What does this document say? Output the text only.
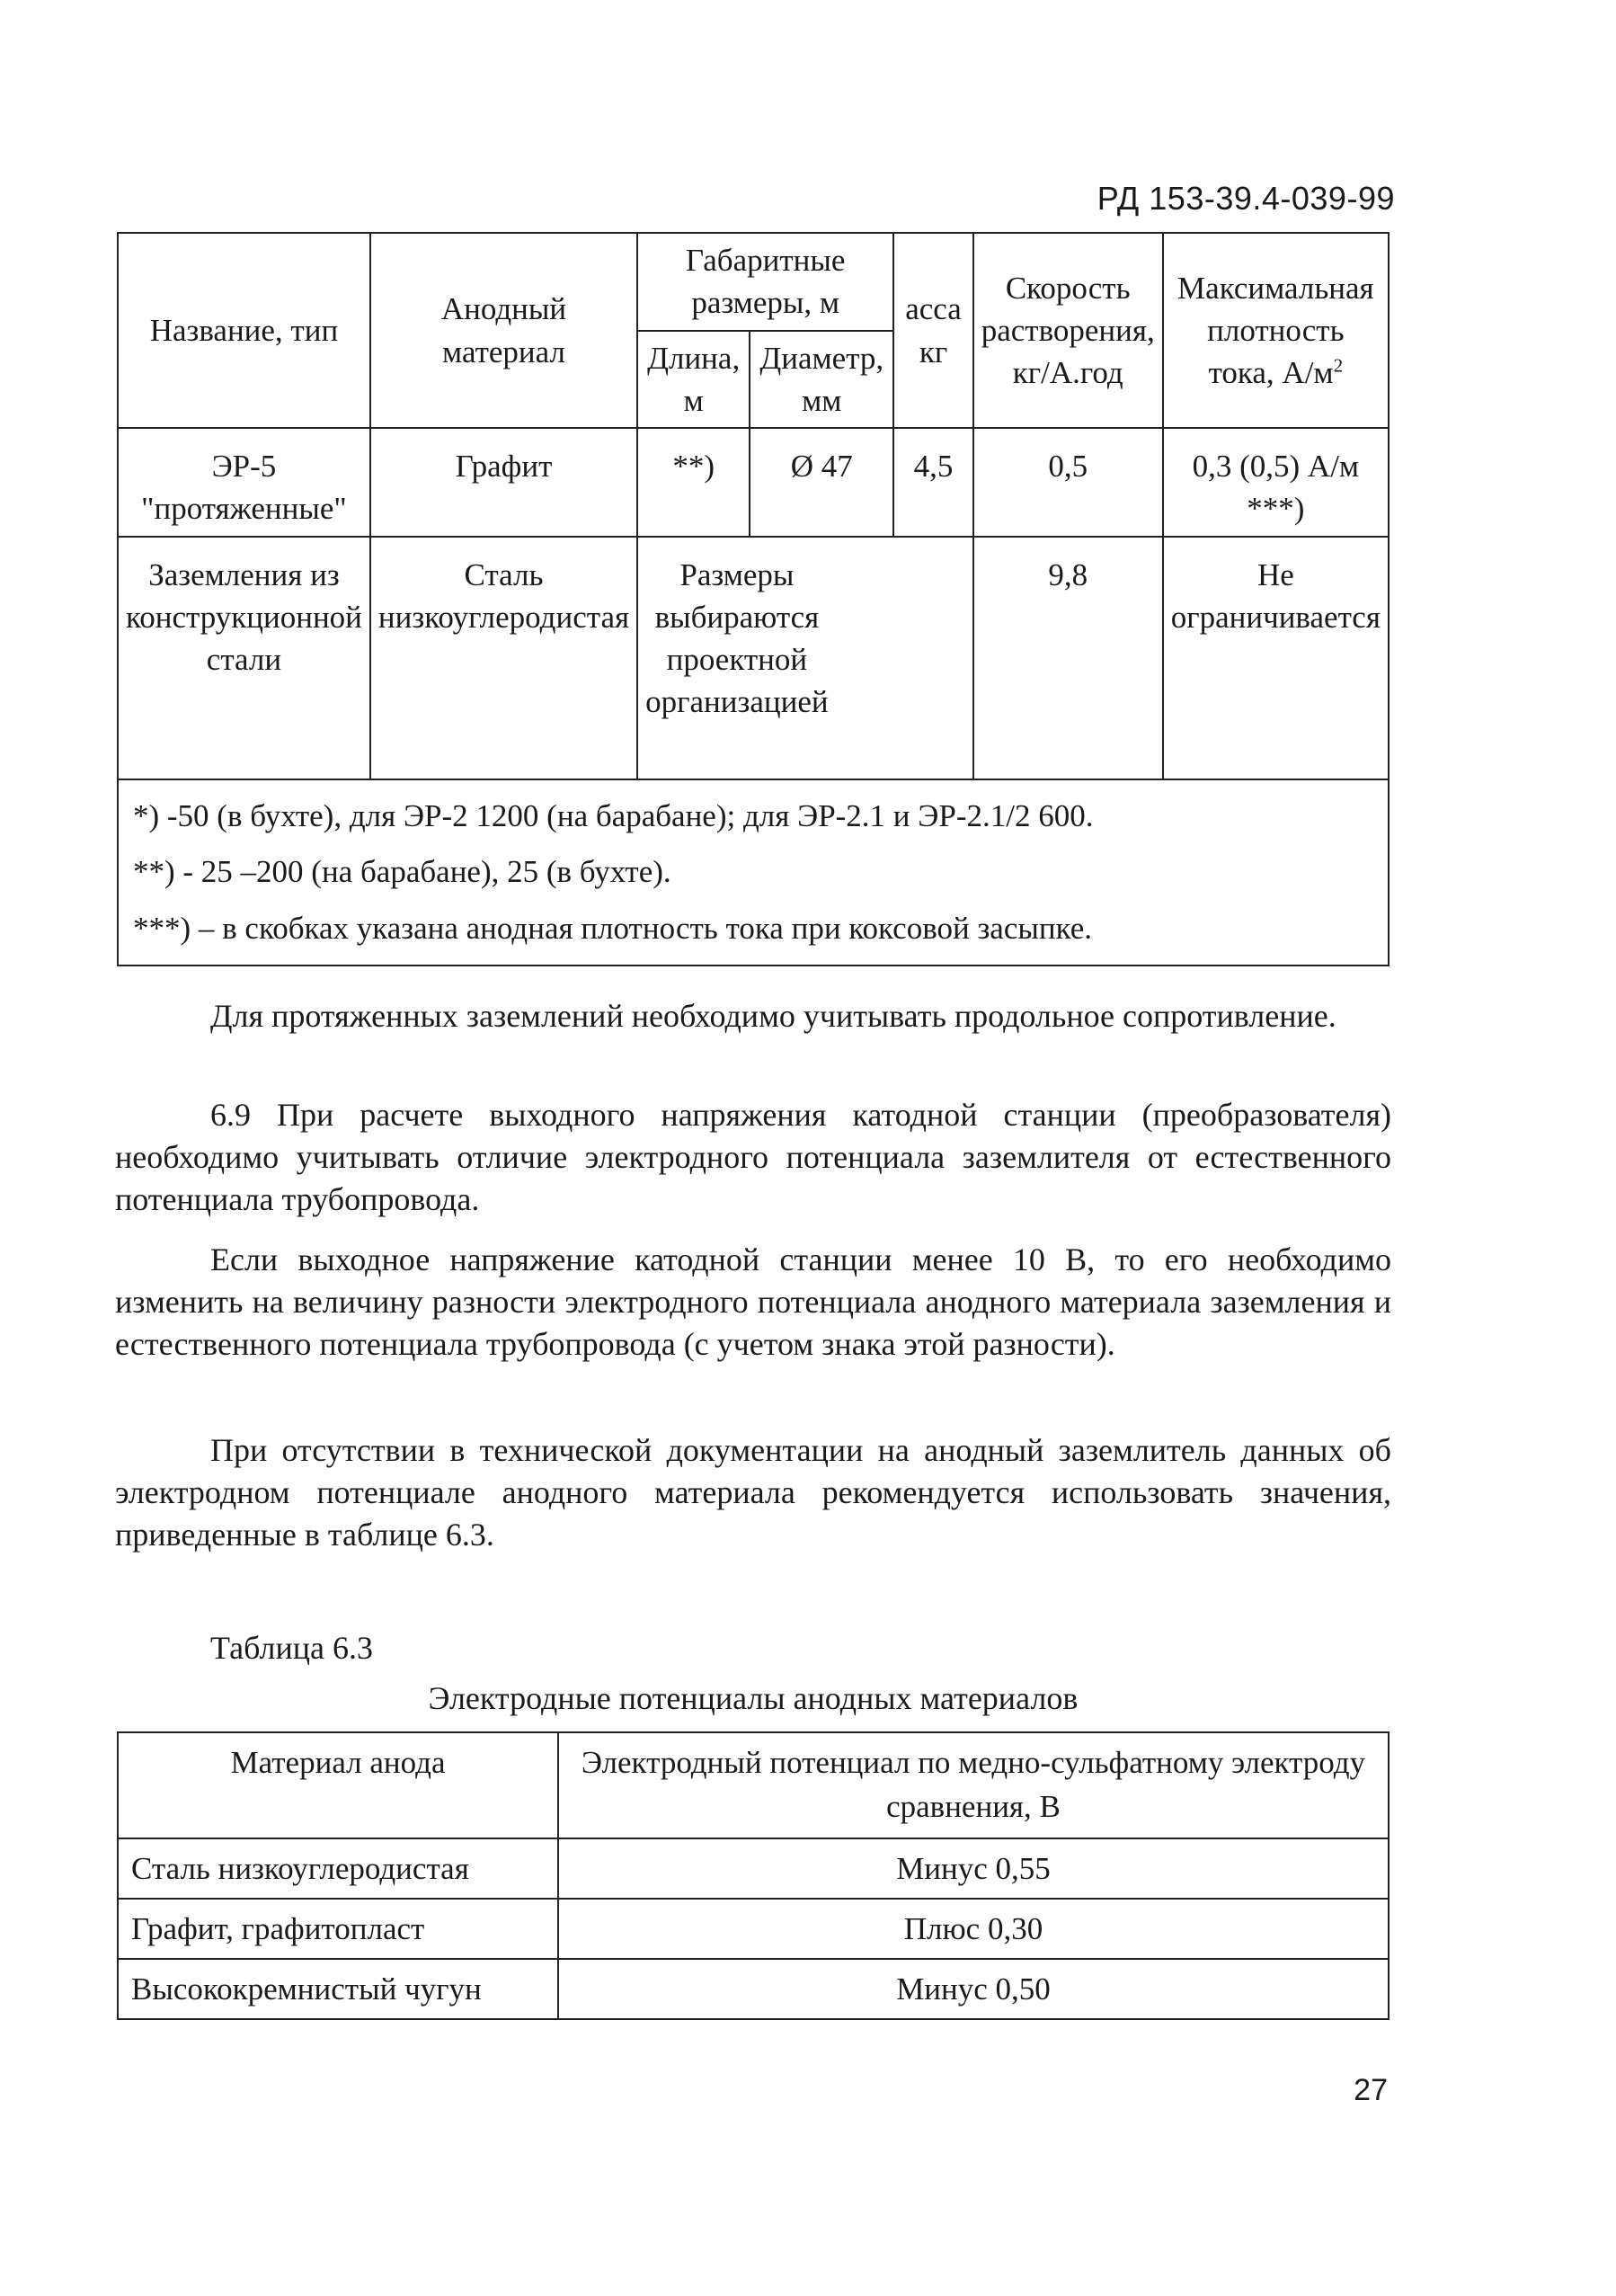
РД 153-39.4-039-99
Название, тип	Анодный материал	Габаритные размеры, м		асса кг	Скорость растворения, кг/А.год	Максимальная плотность тока, $А/м^2$
		Длина, м	Диаметр, мм			
ЭР-5 "протяженные"	Графит	**)	Ø 47	4,5	0,5	0,3 (0,5) А/м ***)
Заземления из конструкционной стали	Сталь низкоуглеродистая	Размеры выбираются проектной организацией			9,8	Не ограничивается

*) -50 (в бухте), для ЭР-2 1200 (на барабане); для ЭР-2.1 и ЭР-2.1/2 600.

**) - 25 –200 (на барабане), 25 (в бухте).

***) – в скобках указана анодная плотность тока при коксовой засыпке.						

Для протяженных заземлений необходимо учитывать продольное сопротивление.

6.9 При расчете выходного напряжения катодной станции (преобразователя) необходимо учитывать отличие электродного потенциала заземлителя от естественного потенциала трубопровода.

Если выходное напряжение катодной станции менее 10 В, то его необходимо изменить на величину разности электродного потенциала анодного материала заземления и естественного потенциала трубопровода (с учетом знака этой разности).

При отсутствии в технической документации на анодный заземлитель данных об электродном потенциале анодного материала рекомендуется использовать значения, приведенные в таблице 6.3.

Таблица 6.3
Электродные потенциалы анодных материалов
Материал анода	Электродный потенциал по медно-сульфатному электроду сравнения, В
Сталь низкоуглеродистая	Минус 0,55
Графит, графитопласт	Плюс 0,30
Высококремнистый чугун	Минус 0,50
27
